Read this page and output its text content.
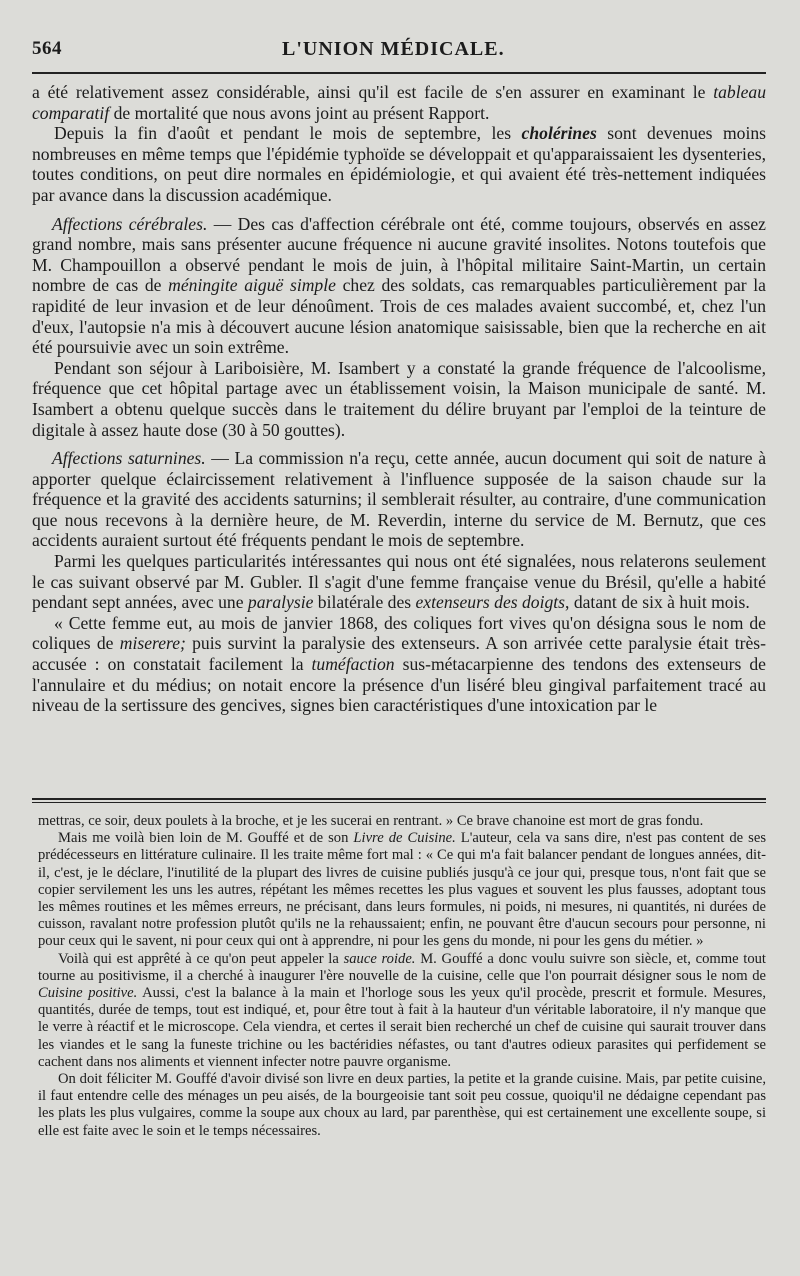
564	L'UNION MÉDICALE.

a été relativement assez considérable, ainsi qu'il est facile de s'en assurer en examinant le tableau comparatif de mortalité que nous avons joint au présent Rapport.

Depuis la fin d'août et pendant le mois de septembre, les cholérines sont devenues moins nombreuses en même temps que l'épidémie typhoïde se développait et qu'apparaissaient les dysenteries, toutes conditions, on peut dire normales en épidémiologie, et qui avaient été très-nettement indiquées par avance dans la discussion académique.

Affections cérébrales. — Des cas d'affection cérébrale ont été, comme toujours, observés en assez grand nombre, mais sans présenter aucune fréquence ni aucune gravité insolites. Notons toutefois que M. Champouillon a observé pendant le mois de juin, à l'hôpital militaire Saint-Martin, un certain nombre de cas de méningite aiguë simple chez des soldats, cas remarquables particulièrement par la rapidité de leur invasion et de leur dénoûment. Trois de ces malades avaient succombé, et, chez l'un d'eux, l'autopsie n'a mis à découvert aucune lésion anatomique saisissable, bien que la recherche en ait été poursuivie avec un soin extrême.

Pendant son séjour à Lariboisière, M. Isambert y a constaté la grande fréquence de l'alcoolisme, fréquence que cet hôpital partage avec un établissement voisin, la Maison municipale de santé. M. Isambert a obtenu quelque succès dans le traitement du délire bruyant par l'emploi de la teinture de digitale à assez haute dose (30 à 50 gouttes).

Affections saturnines. — La commission n'a reçu, cette année, aucun document qui soit de nature à apporter quelque éclaircissement relativement à l'influence supposée de la saison chaude sur la fréquence et la gravité des accidents saturnins; il semblerait résulter, au contraire, d'une communication que nous recevons à la dernière heure, de M. Reverdin, interne du service de M. Bernutz, que ces accidents auraient surtout été fréquents pendant le mois de septembre.

Parmi les quelques particularités intéressantes qui nous ont été signalées, nous relaterons seulement le cas suivant observé par M. Gubler. Il s'agit d'une femme française venue du Brésil, qu'elle a habité pendant sept années, avec une paralysie bilatérale des extenseurs des doigts, datant de six à huit mois.

« Cette femme eut, au mois de janvier 1868, des coliques fort vives qu'on désigna sous le nom de coliques de miserere; puis survint la paralysie des extenseurs. A son arrivée cette paralysie était très-accusée : on constatait facilement la tuméfaction sus-métacarpienne des tendons des extenseurs de l'annulaire et du médius; on notait encore la présence d'un liséré bleu gingival parfaitement tracé au niveau de la sertissure des gencives, signes bien caractéristiques d'une intoxication par le

mettras, ce soir, deux poulets à la broche, et je les sucerai en rentrant. » Ce brave chanoine est mort de gras fondu.

Mais me voilà bien loin de M. Gouffé et de son Livre de Cuisine. L'auteur, cela va sans dire, n'est pas content de ses prédécesseurs en littérature culinaire. Il les traite même fort mal : « Ce qui m'a fait balancer pendant de longues années, dit-il, c'est, je le déclare, l'inutilité de la plupart des livres de cuisine publiés jusqu'à ce jour qui, presque tous, n'ont fait que se copier servilement les uns les autres, répétant les mêmes recettes les plus vagues et souvent les plus fausses, adoptant tous les mêmes routines et les mêmes erreurs, ne précisant, dans leurs formules, ni poids, ni mesures, ni quantités, ni durées de cuisson, ravalant notre profession plutôt qu'ils ne la rehaussaient; enfin, ne pouvant être d'aucun secours pour personne, ni pour ceux qui le savent, ni pour ceux qui ont à apprendre, ni pour les gens du monde, ni pour les gens du métier. »

Voilà qui est apprêté à ce qu'on peut appeler la sauce roide. M. Gouffé a donc voulu suivre son siècle, et, comme tout tourne au positivisme, il a cherché à inaugurer l'ère nouvelle de la cuisine, celle que l'on pourrait désigner sous le nom de Cuisine positive. Aussi, c'est la balance à la main et l'horloge sous les yeux qu'il procède, prescrit et formule. Mesures, quantités, durée de temps, tout est indiqué, et, pour être tout à fait à la hauteur d'un véritable laboratoire, il n'y manque que le verre à réactif et le microscope. Cela viendra, et certes il serait bien recherché un chef de cuisine qui saurait trouver dans les viandes et le sang la funeste trichine ou les bactéridies néfastes, ou tant d'autres odieux parasites qui perfidement se cachent dans nos aliments et viennent infecter notre pauvre organisme.

On doit féliciter M. Gouffé d'avoir divisé son livre en deux parties, la petite et la grande cuisine. Mais, par petite cuisine, il faut entendre celle des ménages un peu aisés, de la bourgeoisie tant soit peu cossue, quoiqu'il ne dédaigne cependant pas les plats les plus vulgaires, comme la soupe aux choux au lard, par parenthèse, qui est certainement une excellente soupe, si elle est faite avec le soin et le temps nécessaires.
